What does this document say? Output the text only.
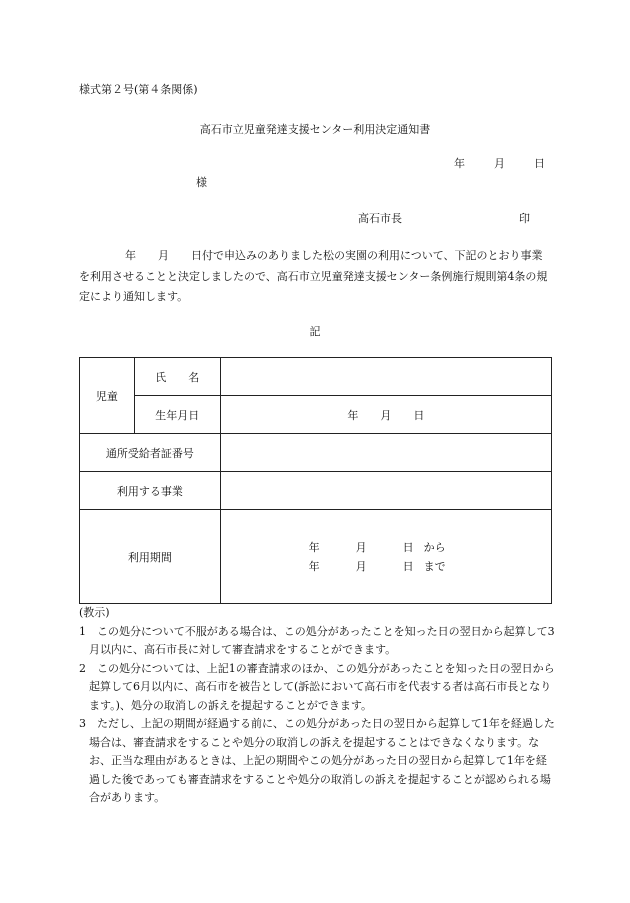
様式第２号(第４条関係)
高石市立児童発達支援センター利用決定通知書
年	月	日
様
高石市長	印
年 月 日付で申込みのありました松の実園の利用について、下記のとおり事業を利用させることと決定しましたので、高石市立児童発達支援センター条例施行規則第4条の規定により通知します。
記
児童	氏　　名	
	生年月日	年 月 日
通所受給者証番号		
利用する事業		
利用期間		年 月 日 から
年 月 日 まで
(教示)
1　この処分について不服がある場合は、この処分があったことを知った日の翌日から起算して3月以内に、高石市長に対して審査請求をすることができます。
2　この処分については、上記1の審査請求のほか、この処分があったことを知った日の翌日から起算して6月以内に、高石市を被告として(訴訟において高石市を代表する者は高石市長となります。)、処分の取消しの訴えを提起することができます。
3　ただし、上記の期間が経過する前に、この処分があった日の翌日から起算して1年を経過した場合は、審査請求をすることや処分の取消しの訴えを提起することはできなくなります。なお、正当な理由があるときは、上記の期間やこの処分があった日の翌日から起算して1年を経過した後であっても審査請求をすることや処分の取消しの訴えを提起することが認められる場合があります。
